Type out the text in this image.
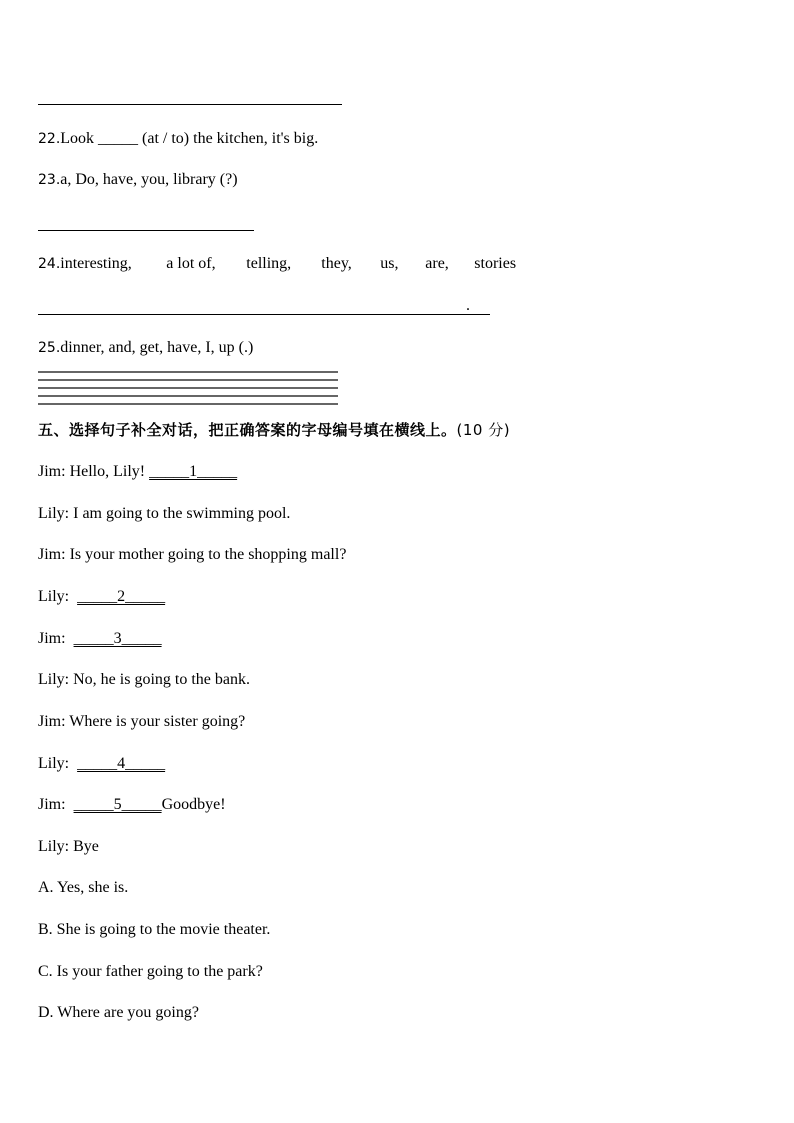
22.Look _____ (at / to) the kitchen, it's big.
23.a, Do, have, you, library (?)
24.interesting, a lot of, telling, they, us, are, stories
.
25.dinner, and, get, have, I, up (.)
五、选择句子补全对话，把正确答案的字母编号填在横线上。(10 分)
Jim: Hello, Lily! _____1_____
Lily: I am going to the swimming pool.
Jim: Is your mother going to the shopping mall?
Lily: _____2_____
Jim: _____3_____
Lily: No, he is going to the bank.
Jim: Where is your sister going?
Lily: _____4_____
Jim: _____5_____Goodbye!
Lily: Bye
A. Yes, she is.
B. She is going to the movie theater.
C. Is your father going to the park?
D. Where are you going?
